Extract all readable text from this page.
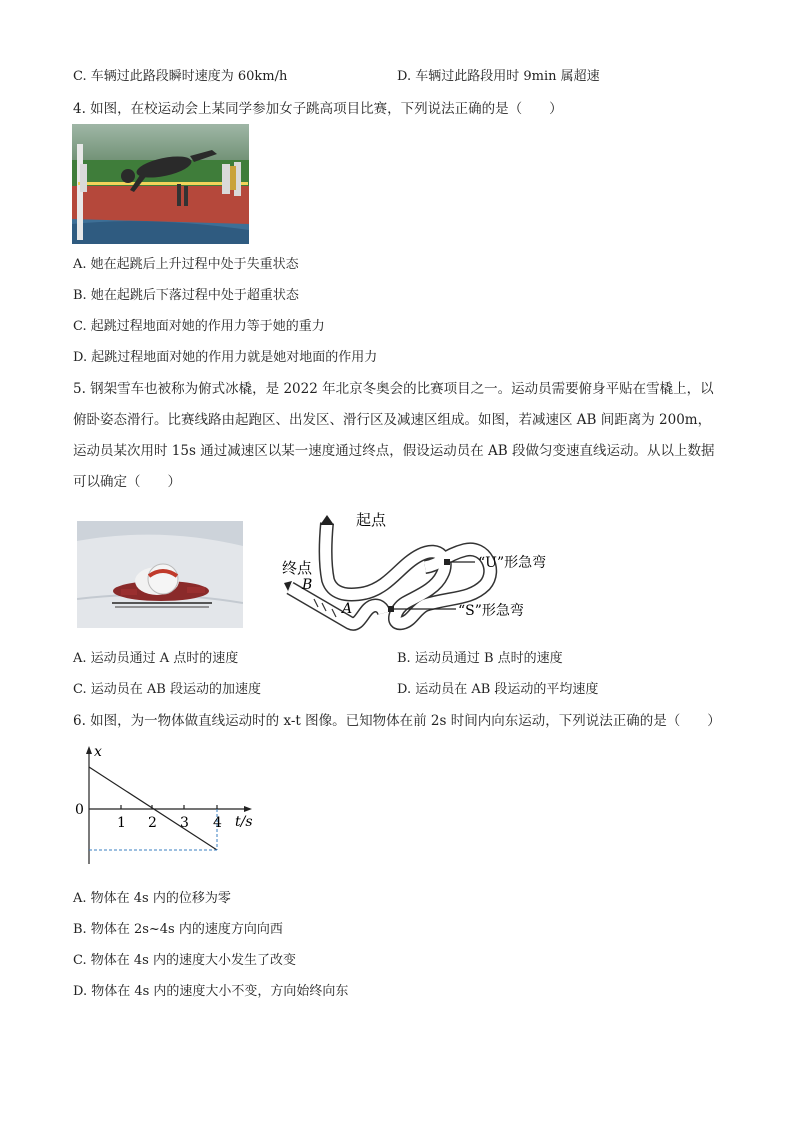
C. 车辆过此路段瞬时速度为 60km/h	D. 车辆过此路段用时 9min 属超速
4. 如图，在校运动会上某同学参加女子跳高项目比赛，下列说法正确的是（　　）
A. 她在起跳后上升过程中处于失重状态
B. 她在起跳后下落过程中处于超重状态
C. 起跳过程地面对她的作用力等于她的重力
D. 起跳过程地面对她的作用力就是她对地面的作用力
5. 钢架雪车也被称为俯式冰橇，是 2022 年北京冬奥会的比赛项目之一。运动员需要俯身平贴在雪橇上，以
俯卧姿态滑行。比赛线路由起跑区、出发区、滑行区及减速区组成。如图，若减速区 AB 间距离为 200m，
运动员某次用时 15s 通过减速区以某一速度通过终点，假设运动员在 AB 段做匀变速直线运动。从以上数据
可以确定（　　）
起点
终点
B
A
“U”形急弯
“S”形急弯
A. 运动员通过 A 点时的速度	B. 运动员通过 B 点时的速度
C. 运动员在 AB 段运动的加速度	D. 运动员在 AB 段运动的平均速度
6. 如图，为一物体做直线运动时的 x-t 图像。已知物体在前 2s 时间内向东运动，下列说法正确的是（　　）
x
0
1 2 3 4 t/s
A. 物体在 4s 内的位移为零
B. 物体在 2s~4s 内的速度方向向西
C. 物体在 4s 内的速度大小发生了改变
D. 物体在 4s 内的速度大小不变，方向始终向东
